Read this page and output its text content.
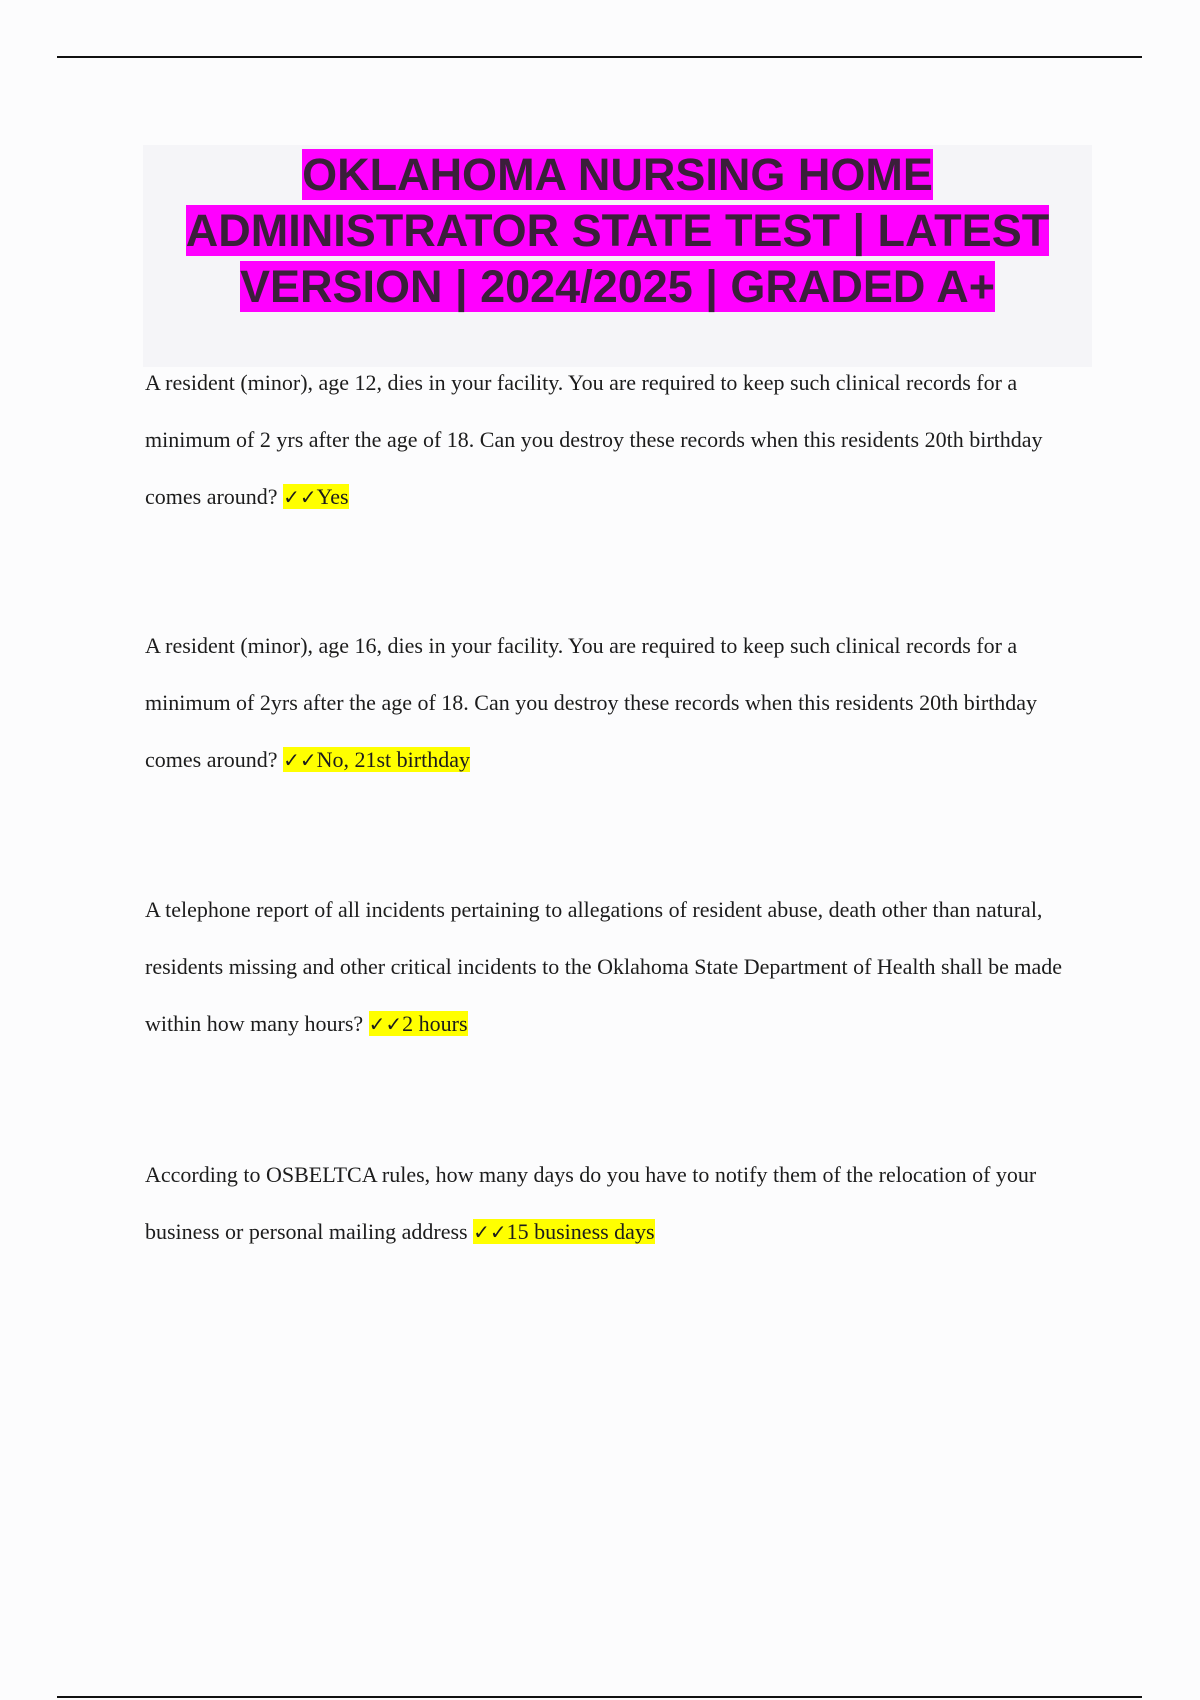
OKLAHOMA NURSING HOME ADMINISTRATOR STATE TEST | LATEST VERSION | 2024/2025 | GRADED A+

A resident (minor), age 12, dies in your facility. You are required to keep such clinical records for a minimum of 2 yrs after the age of 18. Can you destroy these records when this residents 20th birthday comes around? ✓✓Yes

A resident (minor), age 16, dies in your facility. You are required to keep such clinical records for a minimum of 2yrs after the age of 18. Can you destroy these records when this residents 20th birthday comes around? ✓✓No, 21st birthday

A telephone report of all incidents pertaining to allegations of resident abuse, death other than natural, residents missing and other critical incidents to the Oklahoma State Department of Health shall be made within how many hours? ✓✓2 hours

According to OSBELTCA rules, how many days do you have to notify them of the relocation of your business or personal mailing address ✓✓15 business days
